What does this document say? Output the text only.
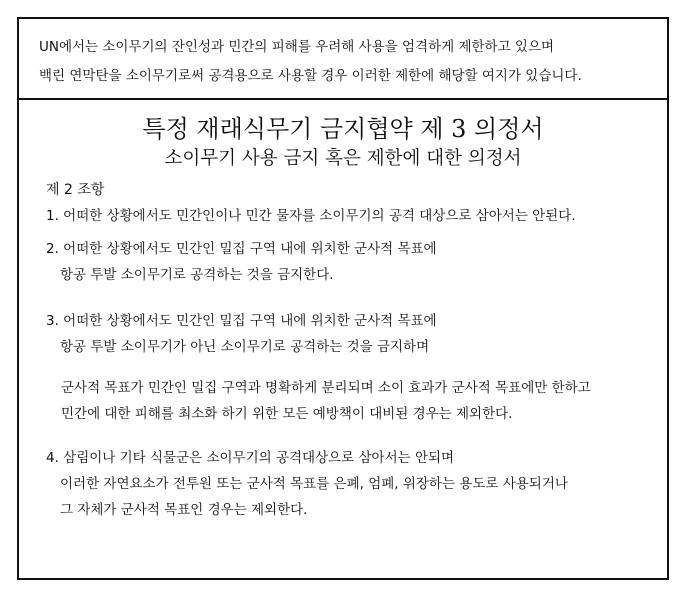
UN에서는 소이무기의 잔인성과 민간의 피해를 우려해 사용을 엄격하게 제한하고 있으며
백린 연막탄을 소이무기로써 공격용으로 사용할 경우 이러한 제한에 해당할 여지가 있습니다.
특정 재래식무기 금지협약 제 3 의정서
소이무기 사용 금지 혹은 제한에 대한 의정서
제 2 조항
1. 어떠한 상황에서도 민간인이나 민간 물자를 소이무기의 공격 대상으로 삼아서는 안된다.
2. 어떠한 상황에서도 민간인 밀집 구역 내에 위치한 군사적 목표에
항공 투발 소이무기로 공격하는 것을 금지한다.
3. 어떠한 상황에서도 민간인 밀집 구역 내에 위치한 군사적 목표에
항공 투발 소이무기가 아닌 소이무기로 공격하는 것을 금지하며
군사적 목표가 민간인 밀집 구역과 명확하게 분리되며 소이 효과가 군사적 목표에만 한하고
민간에 대한 피해를 최소화 하기 위한 모든 예방책이 대비된 경우는 제외한다.
4. 삼림이나 기타 식물군은 소이무기의 공격대상으로 삼아서는 안되며
이러한 자연요소가 전투원 또는 군사적 목표를 은폐, 엄폐, 위장하는 용도로 사용되거나
그 자체가 군사적 목표인 경우는 제외한다.
